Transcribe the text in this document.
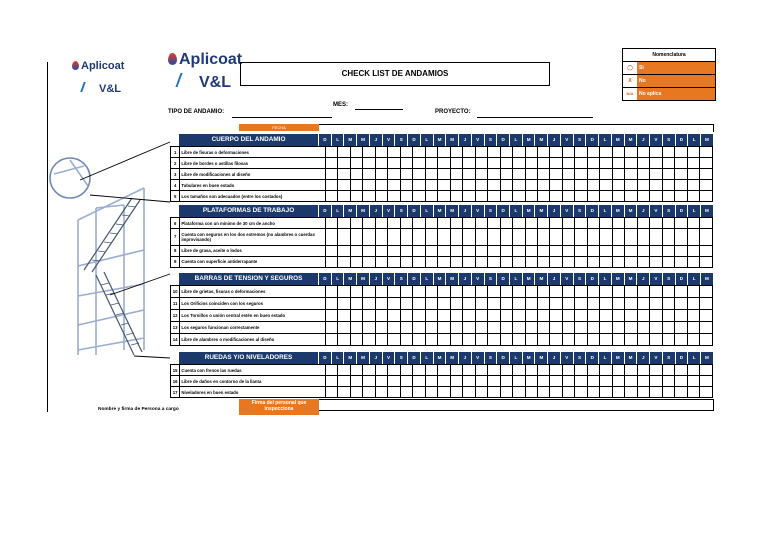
Aplicoat
V&L
Aplicoat
V&L
CHECK LIST DE ANDAMIOS
Nomenclatura
◯	Si
X	No
N/A	No aplica
TIPO DE ANDAMIO:
MES:
PROYECTO:
FECHA
CUERPO DEL ANDAMIO	D	L	M	M	J	V	S	D	L	M	M	J	V	S	D	L	M	M	J	V	S	D	L	M	M	J	V	S	D	L	M
PLATAFORMAS DE TRABAJO	D	L	M	M	J	V	S	D	L	M	M	J	V	S	D	L	M	M	J	V	S	D	L	M	M	J	V	S	D	L	M
BARRAS DE TENSION Y SEGUROS	D	L	M	M	J	V	S	D	L	M	M	J	V	S	D	L	M	M	J	V	S	D	L	M	M	J	V	S	D	L	M
RUEDAS Y/O NIVELADORES	D	L	M	M	J	V	S	D	L	M	M	J	V	S	D	L	M	M	J	V	S	D	L	M	M	J	V	S	D	L	M
1	Libre de fisuras o deformaciones																															
2	Libre de bordes o astillas filosas																															
3	Libre de modificaciones al diseño																															
4	Tubulares en buen estado																															
5	Los tamaños son adecuados (entre los costados)																															
6	Plataforma con un mínimo de 30 cm de ancho																															
7	Cuenta con seguros en los dos extremos (no alambres o cuerdas improvisando)																															
8	Libre de grasa, aceite o lodos																															
9	Cuenta con superficie antiderrapante																															
10	Libre de grietas, fisuras o deformaciones																															
11	Los Orificios coinciden con los seguros																															
12	Los Tornillos o unión central estén en buen estado																															
13	Los seguros funcionan correctamente																															
14	Libre de alambres o modificaciones al diseño																															
15	Cuenta con frenos las ruedas																															
16	Libre de daños en contorno de la llanta																															
17	Niveladores en buen estado																															
Firma del personal que inspecciona
Nombre y firma de Persona a cargo
